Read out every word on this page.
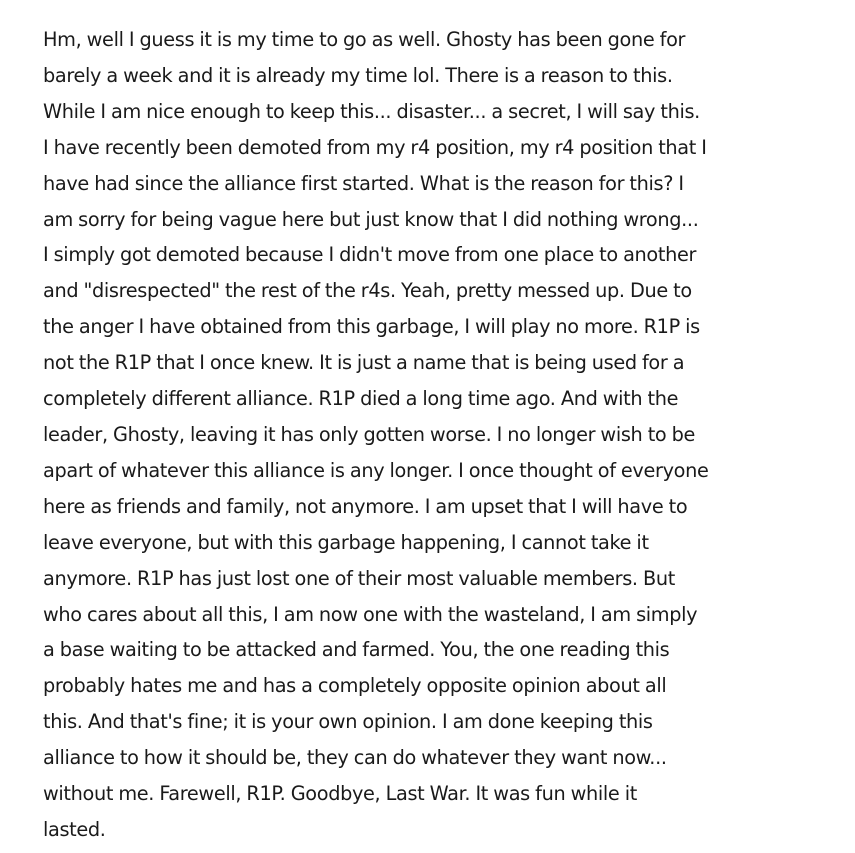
Hm, well I guess it is my time to go as well. Ghosty has been gone for
barely a week and it is already my time lol. There is a reason to this.
While I am nice enough to keep this... disaster... a secret, I will say this.
I have recently been demoted from my r4 position, my r4 position that I
have had since the alliance first started. What is the reason for this? I
am sorry for being vague here but just know that I did nothing wrong...
I simply got demoted because I didn't move from one place to another
and "disrespected" the rest of the r4s. Yeah, pretty messed up. Due to
the anger I have obtained from this garbage, I will play no more. R1P is
not the R1P that I once knew. It is just a name that is being used for a
completely different alliance. R1P died a long time ago. And with the
leader, Ghosty, leaving it has only gotten worse. I no longer wish to be
apart of whatever this alliance is any longer. I once thought of everyone
here as friends and family, not anymore. I am upset that I will have to
leave everyone, but with this garbage happening, I cannot take it
anymore. R1P has just lost one of their most valuable members. But
who cares about all this, I am now one with the wasteland, I am simply
a base waiting to be attacked and farmed. You, the one reading this
probably hates me and has a completely opposite opinion about all
this. And that's fine; it is your own opinion. I am done keeping this
alliance to how it should be, they can do whatever they want now...
without me. Farewell, R1P. Goodbye, Last War. It was fun while it
lasted.
